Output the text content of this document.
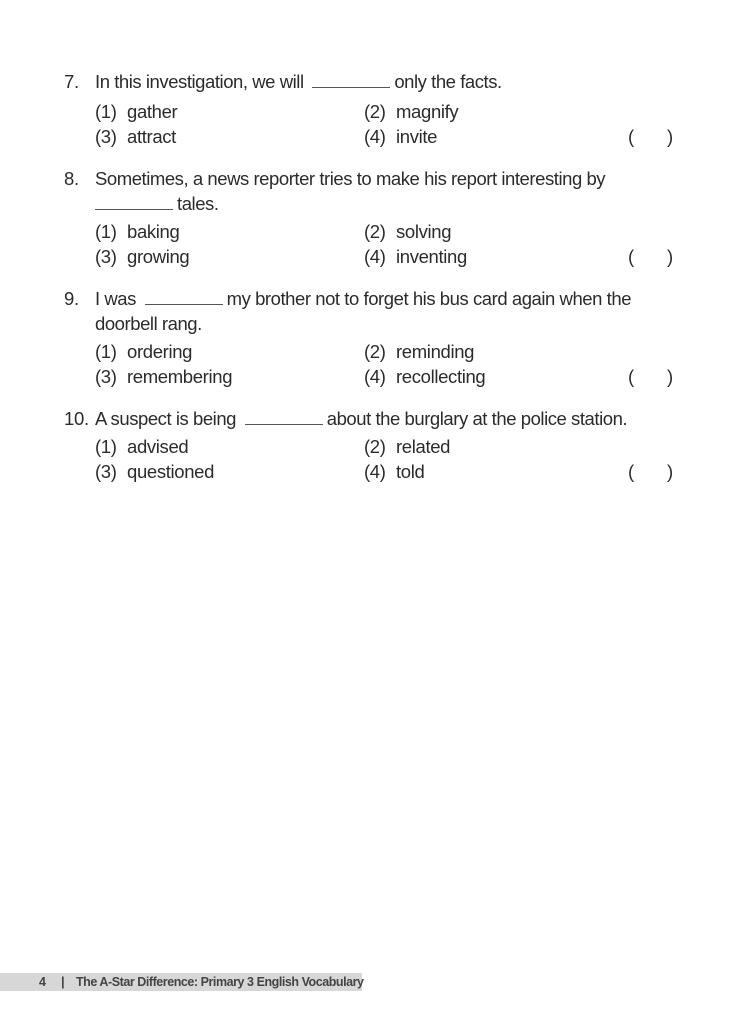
7. In this investigation, we will	only the facts.
(1) gather	(2) magnify
(3) attract	(4) invite	( )
8. Sometimes, a news reporter tries to make his report interesting by
tales.
(1) baking	(2) solving
(3) growing	(4) inventing	( )
9. I was	my brother not to forget his bus card again when the
doorbell rang.
(1) ordering	(2) reminding
(3) remembering	(4) recollecting	( )
10. A suspect is being	about the burglary at the police station.
(1) advised	(2) related
(3) questioned	(4) told	( )
4 | The A-Star Difference: Primary 3 English Vocabulary
